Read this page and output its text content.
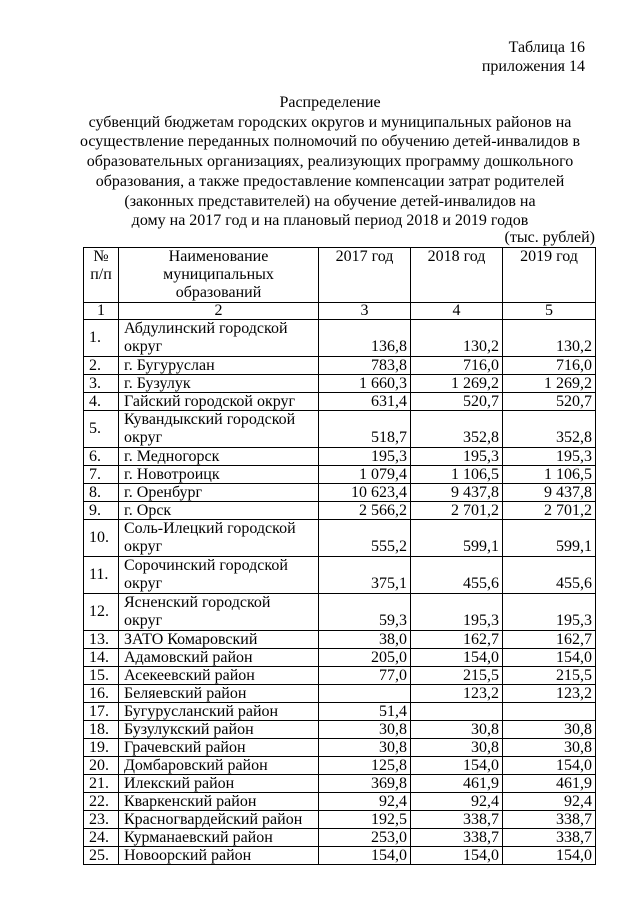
Таблица 16
приложения 14
Распределение
субвенций бюджетам городских округов и муниципальных районов на
осуществление переданных полномочий по обучению детей-инвалидов в
образовательных организациях, реализующих программу дошкольного
образования, а также предоставление компенсации затрат родителей
(законных представителей) на обучение детей-инвалидов на
дому на 2017 год и на плановый период 2018 и 2019 годов
(тыс. рублей)
№ п/п	Наименование
муниципальных
образований	2017 год	2018 год	2019 год
1	2	3	4	5
1.	Абдулинский городской
округ	136,8	130,2	130,2
2.	г. Бугуруслан	783,8	716,0	716,0
3.	г. Бузулук	1 660,3	1 269,2	1 269,2
4.	Гайский городской округ	631,4	520,7	520,7
5.	Кувандыкский городской
округ	518,7	352,8	352,8
6.	г. Медногорск	195,3	195,3	195,3
7.	г. Новотроицк	1 079,4	1 106,5	1 106,5
8.	г. Оренбург	10 623,4	9 437,8	9 437,8
9.	г. Орск	2 566,2	2 701,2	2 701,2
10.	Соль-Илецкий городской
округ	555,2	599,1	599,1
11.	Сорочинский городской
округ	375,1	455,6	455,6
12.	Ясненский городской
округ	59,3	195,3	195,3
13.	ЗАТО Комаровский	38,0	162,7	162,7
14.	Адамовский район	205,0	154,0	154,0
15.	Асекеевский район	77,0	215,5	215,5
16.	Беляевский район		123,2	123,2
17.	Бугурусланский район	51,4		
18.	Бузулукский район	30,8	30,8	30,8
19.	Грачевский район	30,8	30,8	30,8
20.	Домбаровский район	125,8	154,0	154,0
21.	Илекский район	369,8	461,9	461,9
22.	Кваркенский район	92,4	92,4	92,4
23.	Красногвардейский район	192,5	338,7	338,7
24.	Курманаевский район	253,0	338,7	338,7
25.	Новоорский район	154,0	154,0	154,0
